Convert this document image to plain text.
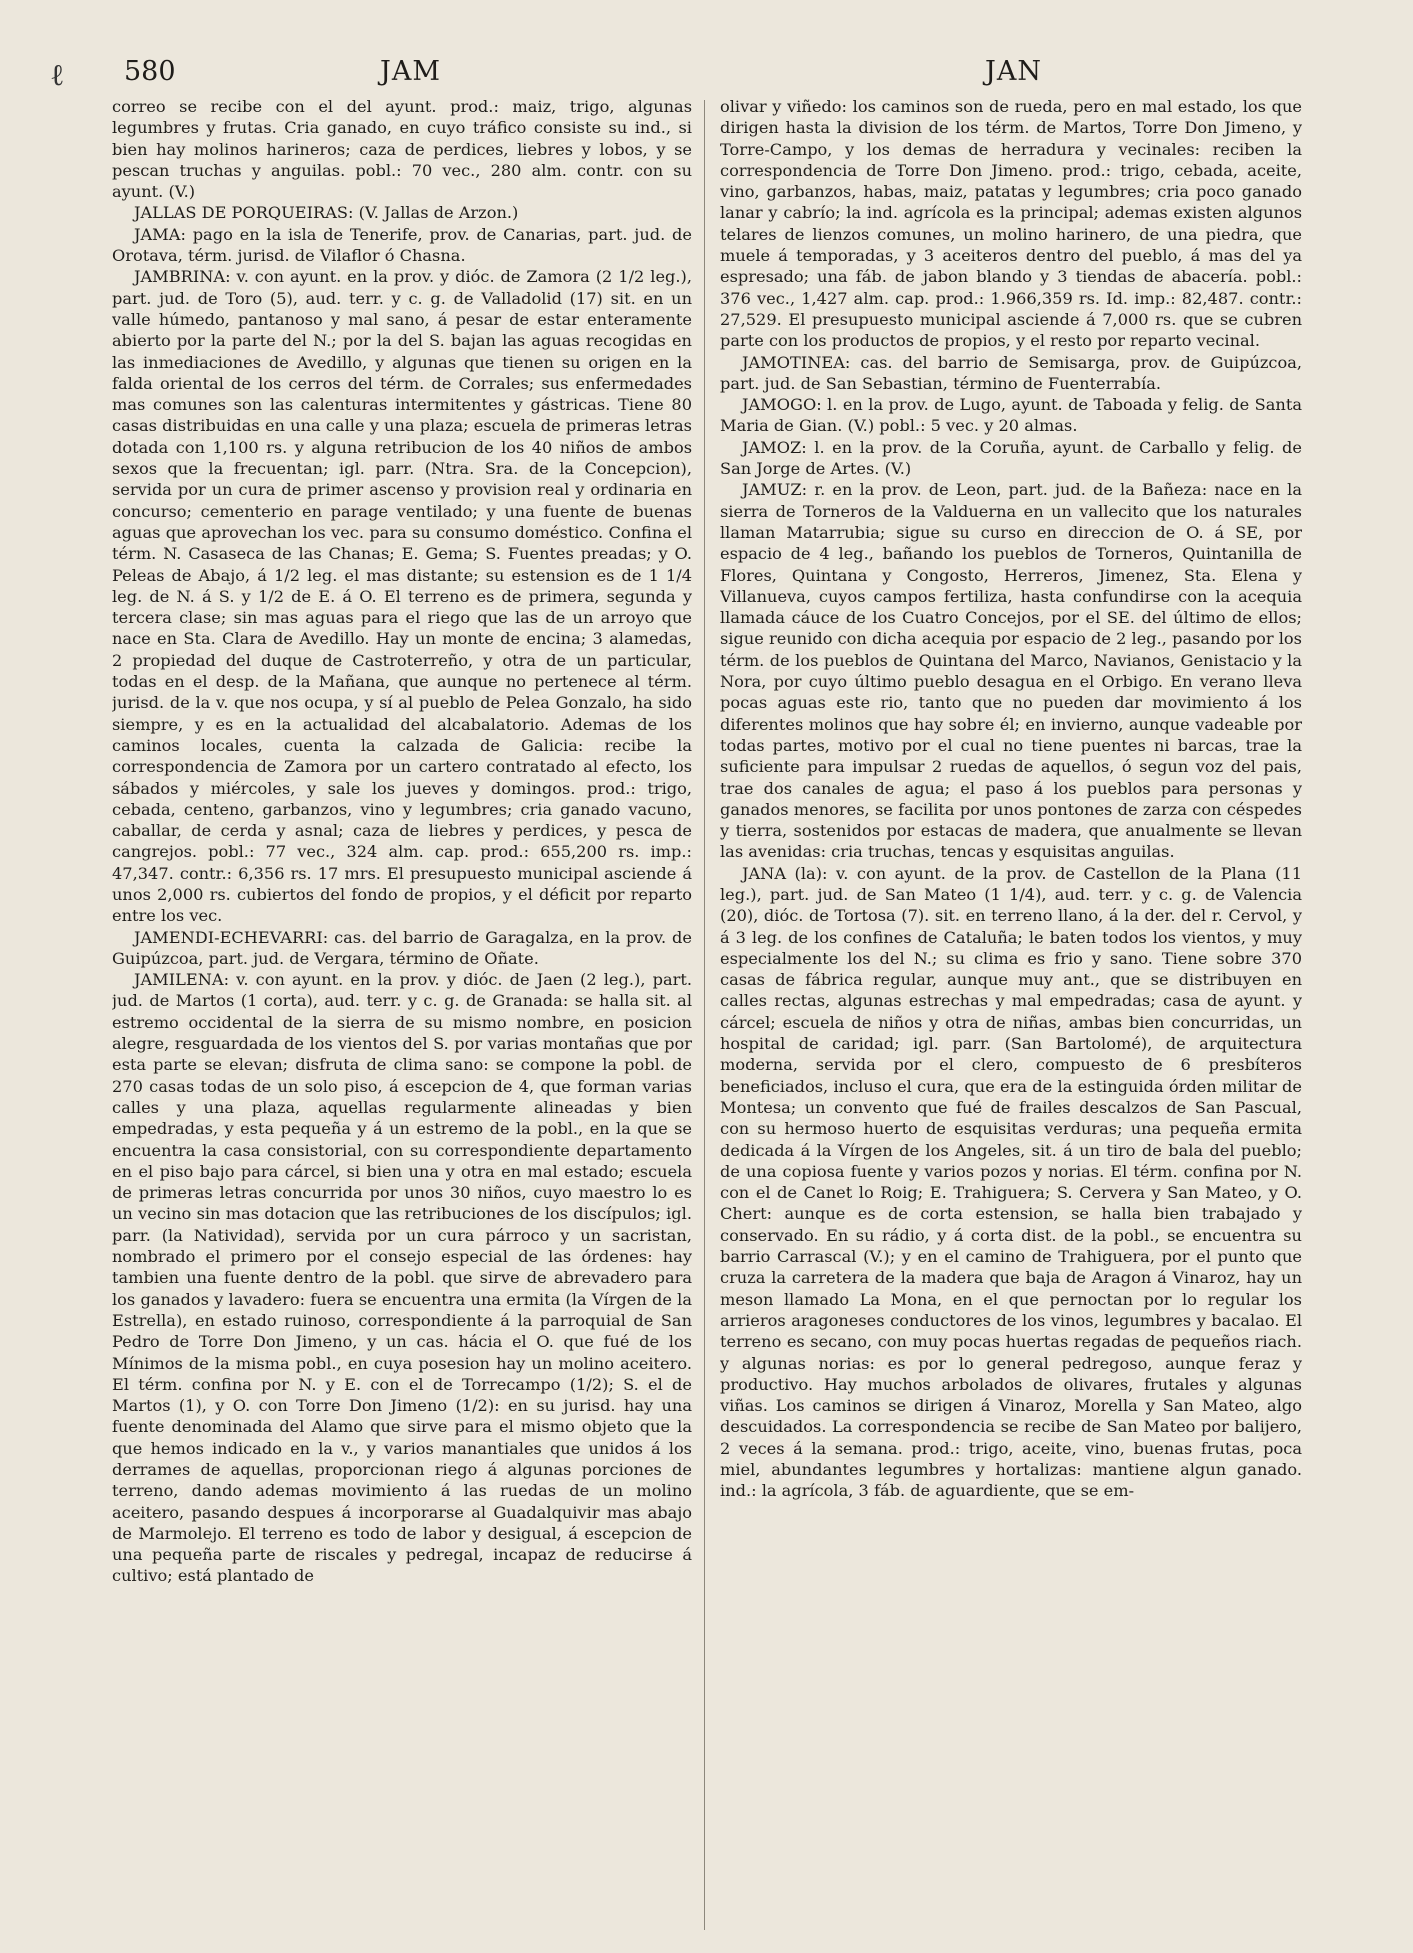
ℓ 580	JAM	JAN

correo se recibe con el del ayunt. prod.: maiz, trigo, algunas legumbres y frutas. Cria ganado, en cuyo tráfico consiste su ind., si bien hay molinos harineros; caza de perdices, liebres y lobos, y se pescan truchas y anguilas. pobl.: 70 vec., 280 alm. contr. con su ayunt. (V.)

JALLAS DE PORQUEIRAS: (V. Jallas de Arzon.)

JAMA: pago en la isla de Tenerife, prov. de Canarias, part. jud. de Orotava, térm. jurisd. de Vilaflor ó Chasna.

JAMBRINA: v. con ayunt. en la prov. y dióc. de Zamora (2 1/2 leg.), part. jud. de Toro (5), aud. terr. y c. g. de Valladolid (17) sit. en un valle húmedo, pantanoso y mal sano, á pesar de estar enteramente abierto por la parte del N.; por la del S. bajan las aguas recogidas en las inmediaciones de Avedillo, y algunas que tienen su origen en la falda oriental de los cerros del térm. de Corrales; sus enfermedades mas comunes son las calenturas intermitentes y gástricas. Tiene 80 casas distribuidas en una calle y una plaza; escuela de primeras letras dotada con 1,100 rs. y alguna retribucion de los 40 niños de ambos sexos que la frecuentan; igl. parr. (Ntra. Sra. de la Concepcion), servida por un cura de primer ascenso y provision real y ordinaria en concurso; cementerio en parage ventilado; y una fuente de buenas aguas que aprovechan los vec. para su consumo doméstico. Confina el térm. N. Casaseca de las Chanas; E. Gema; S. Fuentes preadas; y O. Peleas de Abajo, á 1/2 leg. el mas distante; su estension es de 1 1/4 leg. de N. á S. y 1/2 de E. á O. El terreno es de primera, segunda y tercera clase; sin mas aguas para el riego que las de un arroyo que nace en Sta. Clara de Avedillo. Hay un monte de encina; 3 alamedas, 2 propiedad del duque de Castroterreño, y otra de un particular, todas en el desp. de la Mañana, que aunque no pertenece al térm. jurisd. de la v. que nos ocupa, y sí al pueblo de Pelea Gonzalo, ha sido siempre, y es en la actualidad del alcabalatorio. Ademas de los caminos locales, cuenta la calzada de Galicia: recibe la correspondencia de Zamora por un cartero contratado al efecto, los sábados y miércoles, y sale los jueves y domingos. prod.: trigo, cebada, centeno, garbanzos, vino y legumbres; cria ganado vacuno, caballar, de cerda y asnal; caza de liebres y perdices, y pesca de cangrejos. pobl.: 77 vec., 324 alm. cap. prod.: 655,200 rs. imp.: 47,347. contr.: 6,356 rs. 17 mrs. El presupuesto municipal asciende á unos 2,000 rs. cubiertos del fondo de propios, y el déficit por reparto entre los vec.

JAMENDI-ECHEVARRI: cas. del barrio de Garagalza, en la prov. de Guipúzcoa, part. jud. de Vergara, término de Oñate.

JAMILENA: v. con ayunt. en la prov. y dióc. de Jaen (2 leg.), part. jud. de Martos (1 corta), aud. terr. y c. g. de Granada: se halla sit. al estremo occidental de la sierra de su mismo nombre, en posicion alegre, resguardada de los vientos del S. por varias montañas que por esta parte se elevan; disfruta de clima sano: se compone la pobl. de 270 casas todas de un solo piso, á escepcion de 4, que forman varias calles y una plaza, aquellas regularmente alineadas y bien empedradas, y esta pequeña y á un estremo de la pobl., en la que se encuentra la casa consistorial, con su correspondiente departamento en el piso bajo para cárcel, si bien una y otra en mal estado; escuela de primeras letras concurrida por unos 30 niños, cuyo maestro lo es un vecino sin mas dotacion que las retribuciones de los discípulos; igl. parr. (la Natividad), servida por un cura párroco y un sacristan, nombrado el primero por el consejo especial de las órdenes: hay tambien una fuente dentro de la pobl. que sirve de abrevadero para los ganados y lavadero: fuera se encuentra una ermita (la Vírgen de la Estrella), en estado ruinoso, correspondiente á la parroquial de San Pedro de Torre Don Jimeno, y un cas. hácia el O. que fué de los Mínimos de la misma pobl., en cuya posesion hay un molino aceitero. El térm. confina por N. y E. con el de Torrecampo (1/2); S. el de Martos (1), y O. con Torre Don Jimeno (1/2): en su jurisd. hay una fuente denominada del Alamo que sirve para el mismo objeto que la que hemos indicado en la v., y varios manantiales que unidos á los derrames de aquellas, proporcionan riego á algunas porciones de terreno, dando ademas movimiento á las ruedas de un molino aceitero, pasando despues á incorporarse al Guadalquivir mas abajo de Marmolejo. El terreno es todo de labor y desigual, á escepcion de una pequeña parte de riscales y pedregal, incapaz de reducirse á cultivo; está plantado de

olivar y viñedo: los caminos son de rueda, pero en mal estado, los que dirigen hasta la division de los térm. de Martos, Torre Don Jimeno, y Torre-Campo, y los demas de herradura y vecinales: reciben la correspondencia de Torre Don Jimeno. prod.: trigo, cebada, aceite, vino, garbanzos, habas, maiz, patatas y legumbres; cria poco ganado lanar y cabrío; la ind. agrícola es la principal; ademas existen algunos telares de lienzos comunes, un molino harinero, de una piedra, que muele á temporadas, y 3 aceiteros dentro del pueblo, á mas del ya espresado; una fáb. de jabon blando y 3 tiendas de abacería. pobl.: 376 vec., 1,427 alm. cap. prod.: 1.966,359 rs. Id. imp.: 82,487. contr.: 27,529. El presupuesto municipal asciende á 7,000 rs. que se cubren parte con los productos de propios, y el resto por reparto vecinal.

JAMOTINEA: cas. del barrio de Semisarga, prov. de Guipúzcoa, part. jud. de San Sebastian, término de Fuenterrabía.

JAMOGO: l. en la prov. de Lugo, ayunt. de Taboada y felig. de Santa Maria de Gian. (V.) pobl.: 5 vec. y 20 almas.

JAMOZ: l. en la prov. de la Coruña, ayunt. de Carballo y felig. de San Jorge de Artes. (V.)

JAMUZ: r. en la prov. de Leon, part. jud. de la Bañeza: nace en la sierra de Torneros de la Valduerna en un vallecito que los naturales llaman Matarrubia; sigue su curso en direccion de O. á SE, por espacio de 4 leg., bañando los pueblos de Torneros, Quintanilla de Flores, Quintana y Congosto, Herreros, Jimenez, Sta. Elena y Villanueva, cuyos campos fertiliza, hasta confundirse con la acequia llamada cáuce de los Cuatro Concejos, por el SE. del último de ellos; sigue reunido con dicha acequia por espacio de 2 leg., pasando por los térm. de los pueblos de Quintana del Marco, Navianos, Genistacio y la Nora, por cuyo último pueblo desagua en el Orbigo. En verano lleva pocas aguas este rio, tanto que no pueden dar movimiento á los diferentes molinos que hay sobre él; en invierno, aunque vadeable por todas partes, motivo por el cual no tiene puentes ni barcas, trae la suficiente para impulsar 2 ruedas de aquellos, ó segun voz del pais, trae dos canales de agua; el paso á los pueblos para personas y ganados menores, se facilita por unos pontones de zarza con céspedes y tierra, sostenidos por estacas de madera, que anualmente se llevan las avenidas: cria truchas, tencas y esquisitas anguilas.

JANA (la): v. con ayunt. de la prov. de Castellon de la Plana (11 leg.), part. jud. de San Mateo (1 1/4), aud. terr. y c. g. de Valencia (20), dióc. de Tortosa (7). sit. en terreno llano, á la der. del r. Cervol, y á 3 leg. de los confines de Cataluña; le baten todos los vientos, y muy especialmente los del N.; su clima es frio y sano. Tiene sobre 370 casas de fábrica regular, aunque muy ant., que se distribuyen en calles rectas, algunas estrechas y mal empedradas; casa de ayunt. y cárcel; escuela de niños y otra de niñas, ambas bien concurridas, un hospital de caridad; igl. parr. (San Bartolomé), de arquitectura moderna, servida por el clero, compuesto de 6 presbíteros beneficiados, incluso el cura, que era de la estinguida órden militar de Montesa; un convento que fué de frailes descalzos de San Pascual, con su hermoso huerto de esquisitas verduras; una pequeña ermita dedicada á la Vírgen de los Angeles, sit. á un tiro de bala del pueblo; de una copiosa fuente y varios pozos y norias. El térm. confina por N. con el de Canet lo Roig; E. Trahiguera; S. Cervera y San Mateo, y O. Chert: aunque es de corta estension, se halla bien trabajado y conservado. En su rádio, y á corta dist. de la pobl., se encuentra su barrio Carrascal (V.); y en el camino de Trahiguera, por el punto que cruza la carretera de la madera que baja de Aragon á Vinaroz, hay un meson llamado La Mona, en el que pernoctan por lo regular los arrieros aragoneses conductores de los vinos, legumbres y bacalao. El terreno es secano, con muy pocas huertas regadas de pequeños riach. y algunas norias: es por lo general pedregoso, aunque feraz y productivo. Hay muchos arbolados de olivares, frutales y algunas viñas. Los caminos se dirigen á Vinaroz, Morella y San Mateo, algo descuidados. La correspondencia se recibe de San Mateo por balijero, 2 veces á la semana. prod.: trigo, aceite, vino, buenas frutas, poca miel, abundantes legumbres y hortalizas: mantiene algun ganado. ind.: la agrícola, 3 fáb. de aguardiente, que se em-
